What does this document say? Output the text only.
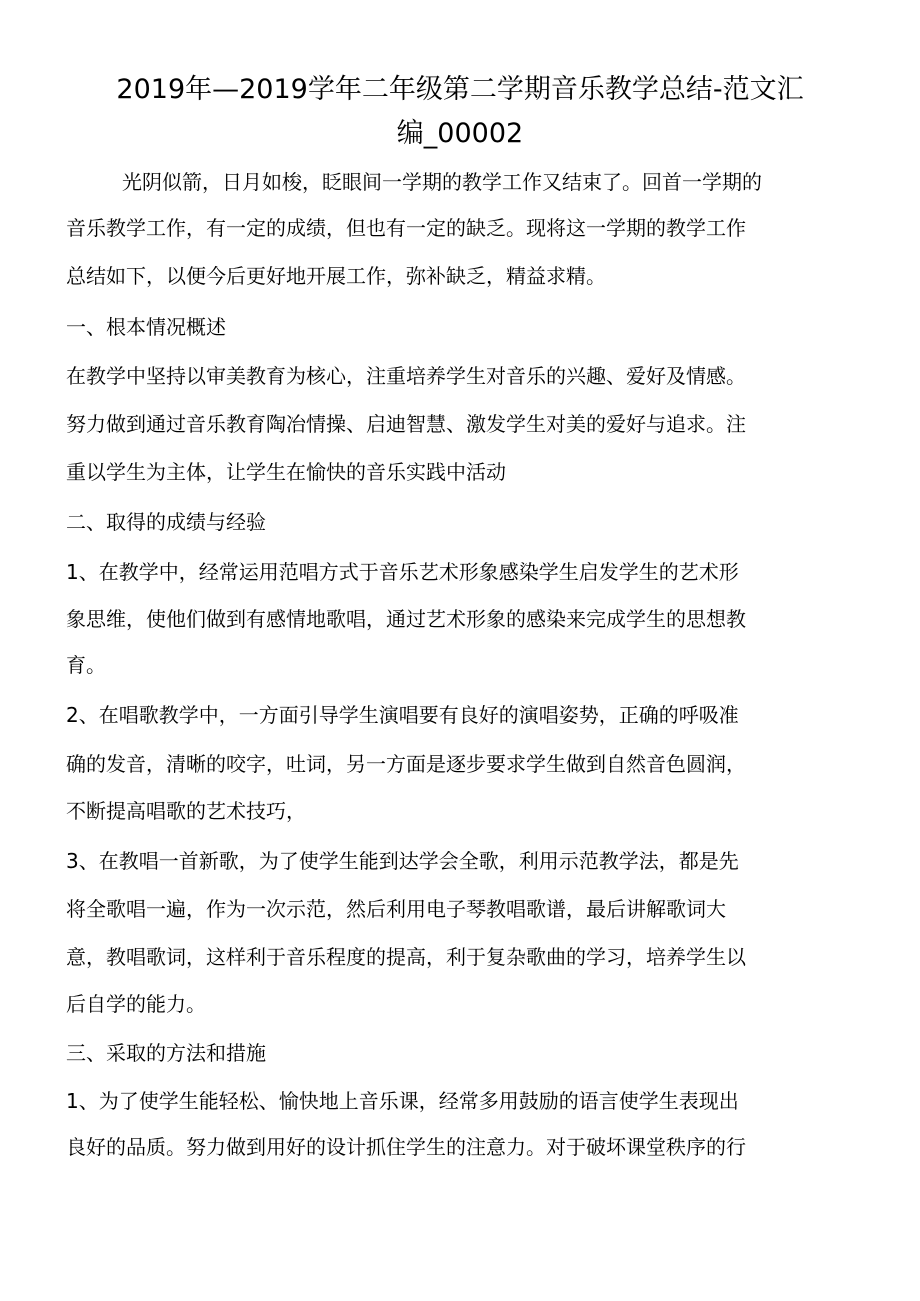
2019年—2019学年二年级第二学期音乐教学总结-范文汇
编_00002

光阴似箭，日月如梭，眨眼间一学期的教学工作又结束了。回首一学期的

音乐教学工作，有一定的成绩，但也有一定的缺乏。现将这一学期的教学工作

总结如下，以便今后更好地开展工作，弥补缺乏，精益求精。

一、根本情况概述

在教学中坚持以审美教育为核心，注重培养学生对音乐的兴趣、爱好及情感。

努力做到通过音乐教育陶冶情操、启迪智慧、激发学生对美的爱好与追求。注

重以学生为主体，让学生在愉快的音乐实践中活动

二、取得的成绩与经验

1、在教学中，经常运用范唱方式于音乐艺术形象感染学生启发学生的艺术形

象思维，使他们做到有感情地歌唱，通过艺术形象的感染来完成学生的思想教

育。

2、在唱歌教学中，一方面引导学生演唱要有良好的演唱姿势，正确的呼吸准

确的发音，清晰的咬字，吐词，另一方面是逐步要求学生做到自然音色圆润，

不断提高唱歌的艺术技巧，

3、在教唱一首新歌，为了使学生能到达学会全歌，利用示范教学法，都是先

将全歌唱一遍，作为一次示范，然后利用电子琴教唱歌谱，最后讲解歌词大

意，教唱歌词，这样利于音乐程度的提高，利于复杂歌曲的学习，培养学生以

后自学的能力。

三、采取的方法和措施

1、为了使学生能轻松、愉快地上音乐课，经常多用鼓励的语言使学生表现出

良好的品质。努力做到用好的设计抓住学生的注意力。对于破坏课堂秩序的行
